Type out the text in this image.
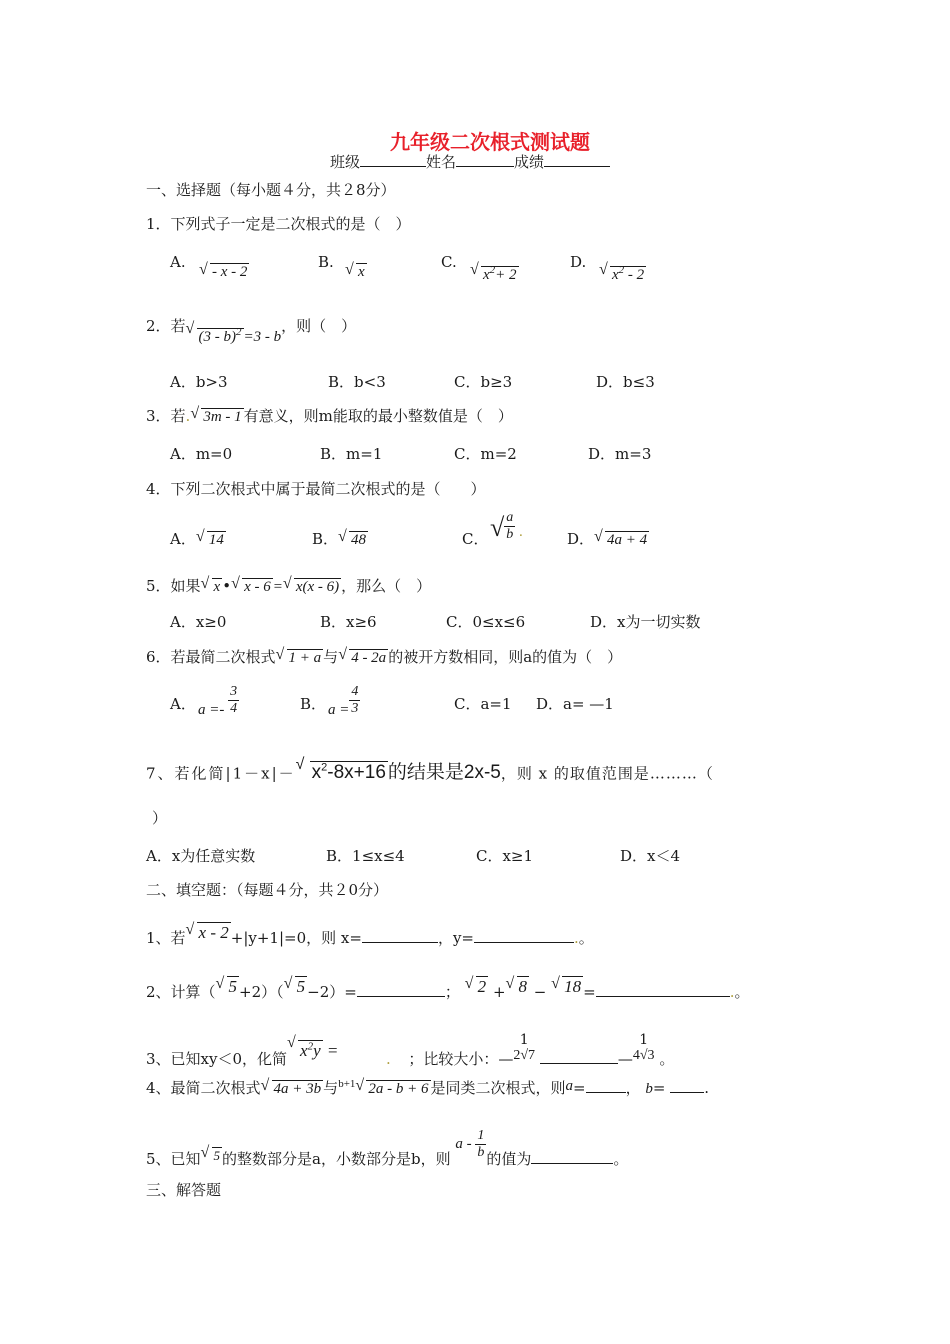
九年级二次根式测试题
班级	姓名	成绩
一、选择题（每小题４分，共２8分）
1．下列式子一定是二次根式的是（　）
A.
√ - x - 2
B.
√ x
C.
√ $x^2+ 2$
D.
√ $x^2 - 2$
2．若√ (3 - b)$^2$ =3 - b，则（　）
A．b>3	B．b<3	C．b≥3	D．b≤3
3．若. √ 3m - 1 有意义，则m能取的最小整数值是（　）
A．m=0	B．m=1	C．m=2	D．m=3
4．下列二次根式中属于最简二次根式的是（　　）
A． √ 14	B． √ 48	C． √ $\frac{a}{b}$ .	D． √ 4a + 4
5．如果 √ x • √ x - 6 = √ x(x - 6) ，那么（　）
A．x≥0	B．x≥6	C．0≤x≤6	D．x为一切实数
6．若最简二次根式 √ 1 + a 与 √ 4 - 2a 的被开方数相同，则a的值为（　）
A． $a =- \frac{3}{4}$	B． $a = \frac{4}{3}$	C．a=1 D．a= —1
7、若化简|1－x|－ √ $x^2-8x+16$ 的结果是2x-5，则 x 的取值范围是………（
）
A．x为任意实数	B．1≤x≤4	C．x≥1	D．x＜4
二、填空题：（每题４分，共２0分）
1、若 √ x - 2 +|y+1|=0，则 x=	，y=	.。
2、计算（ √ 5 +2）（ √ 5 −2）=	； √ 2 + √ 8 − √ 18 =	.。
3、已知xy＜0，化简 √ $x^2y$ =          . ；比较大小：—
1
2√7	—
1
4√3 。
4、最简二次根式 √ 4a + 3b 与$^{b+1}$ √ 2a - b + 6 是同类二次根式，则a=	， b=	.
5、已知 √ 5 的整数部分是a，小数部分是b，则 a - $\frac{1}{b}$ 的值为	。
三、解答题
